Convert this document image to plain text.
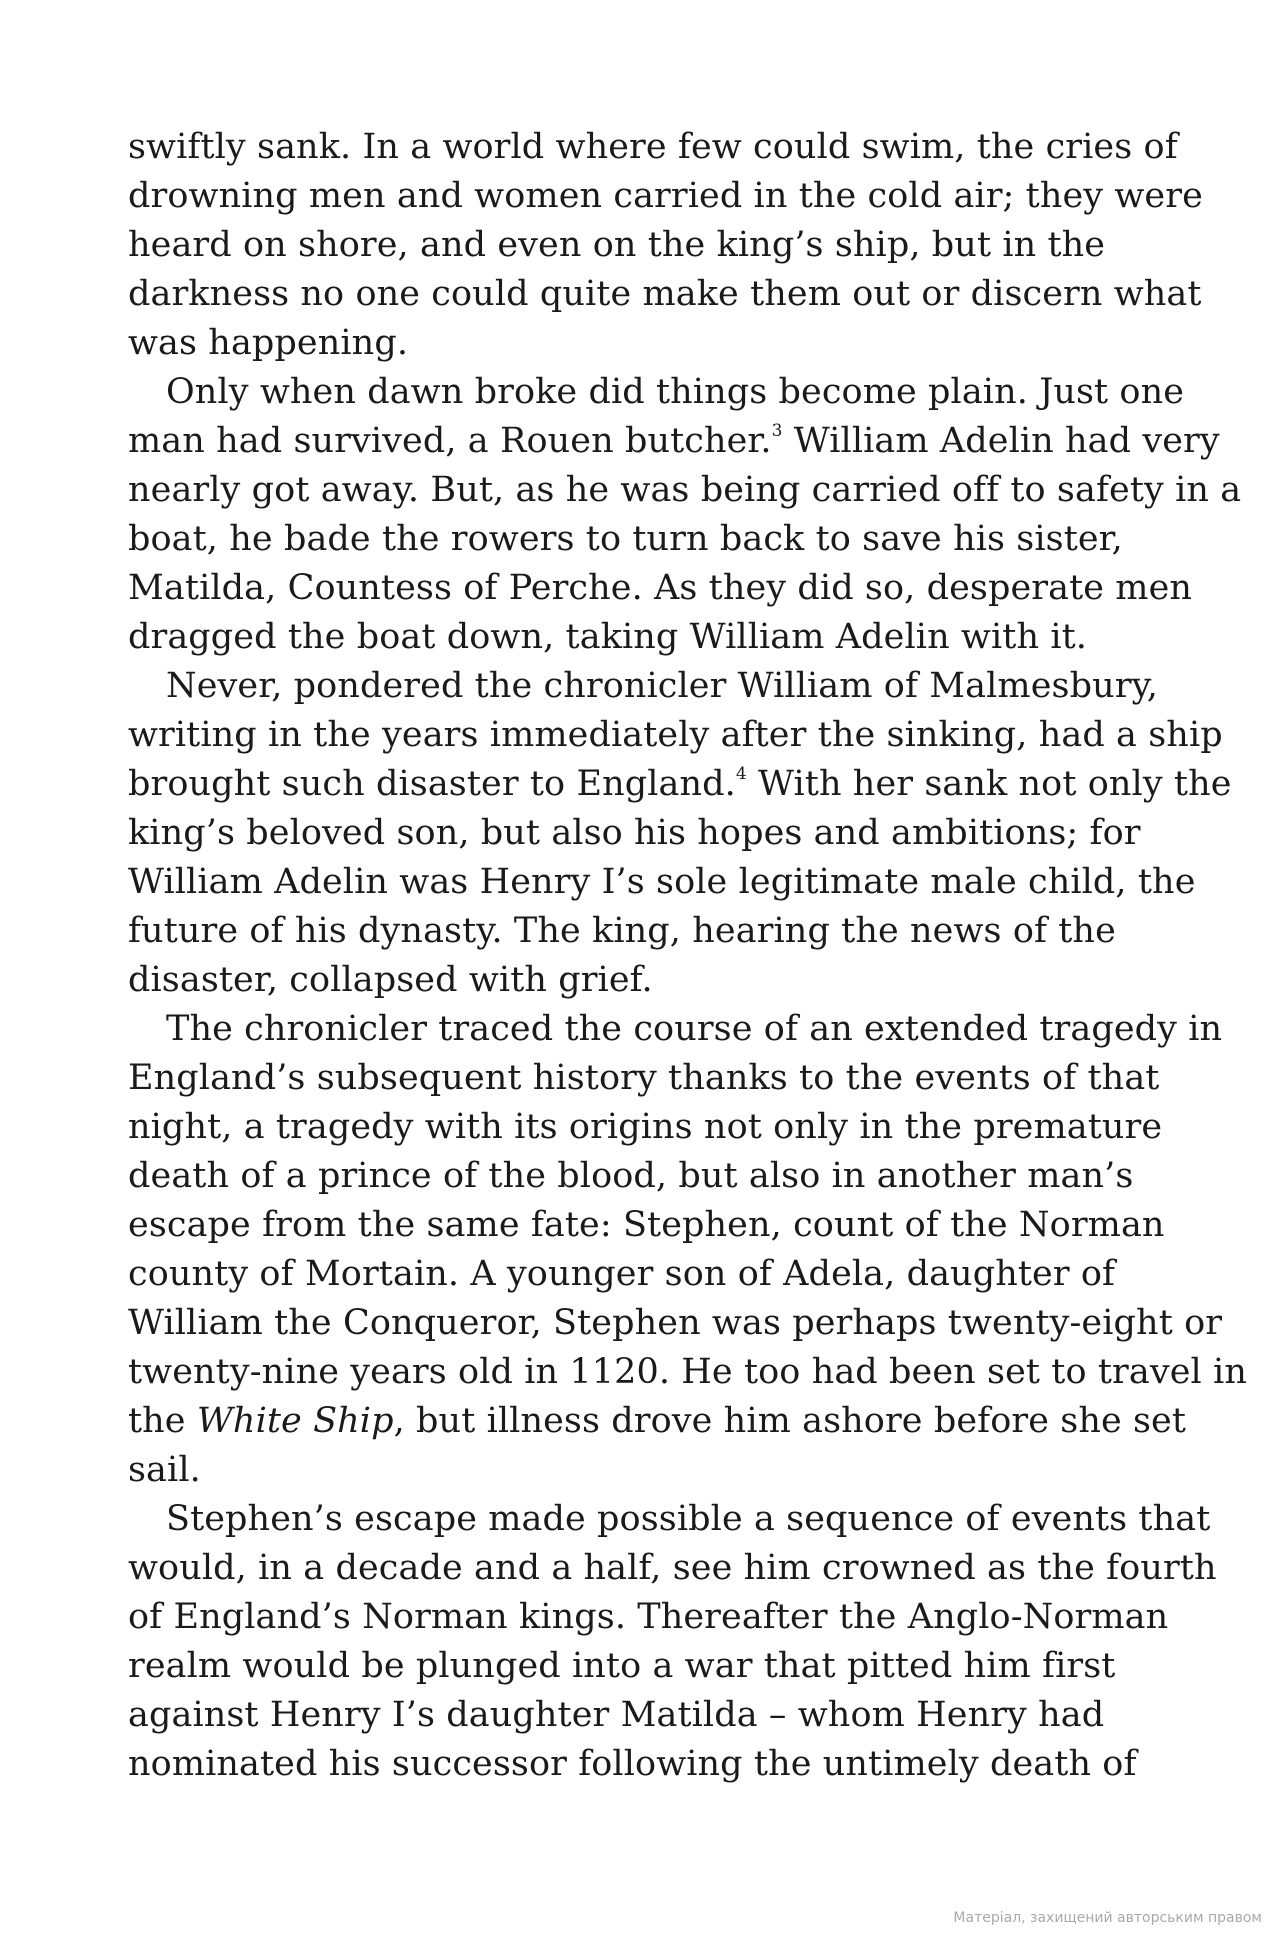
swiftly sank. In a world where few could swim, the cries of
drowning men and women carried in the cold air; they were
heard on shore, and even on the king’s ship, but in the
darkness no one could quite make them out or discern what
was happening.
Only when dawn broke did things become plain. Just one
man had survived, a Rouen butcher.$^3$ William Adelin had very
nearly got away. But, as he was being carried off to safety in a
boat, he bade the rowers to turn back to save his sister,
Matilda, Countess of Perche. As they did so, desperate men
dragged the boat down, taking William Adelin with it.
Never, pondered the chronicler William of Malmesbury,
writing in the years immediately after the sinking, had a ship
brought such disaster to England.$^4$ With her sank not only the
king’s beloved son, but also his hopes and ambitions; for
William Adelin was Henry I’s sole legitimate male child, the
future of his dynasty. The king, hearing the news of the
disaster, collapsed with grief.
The chronicler traced the course of an extended tragedy in
England’s subsequent history thanks to the events of that
night, a tragedy with its origins not only in the premature
death of a prince of the blood, but also in another man’s
escape from the same fate: Stephen, count of the Norman
county of Mortain. A younger son of Adela, daughter of
William the Conqueror, Stephen was perhaps twenty-eight or
twenty-nine years old in 1120. He too had been set to travel in
the White Ship, but illness drove him ashore before she set
sail.
Stephen’s escape made possible a sequence of events that
would, in a decade and a half, see him crowned as the fourth
of England’s Norman kings. Thereafter the Anglo-Norman
realm would be plunged into a war that pitted him first
against Henry I’s daughter Matilda – whom Henry had
nominated his successor following the untimely death of
Матеріал, захищений авторським правом
